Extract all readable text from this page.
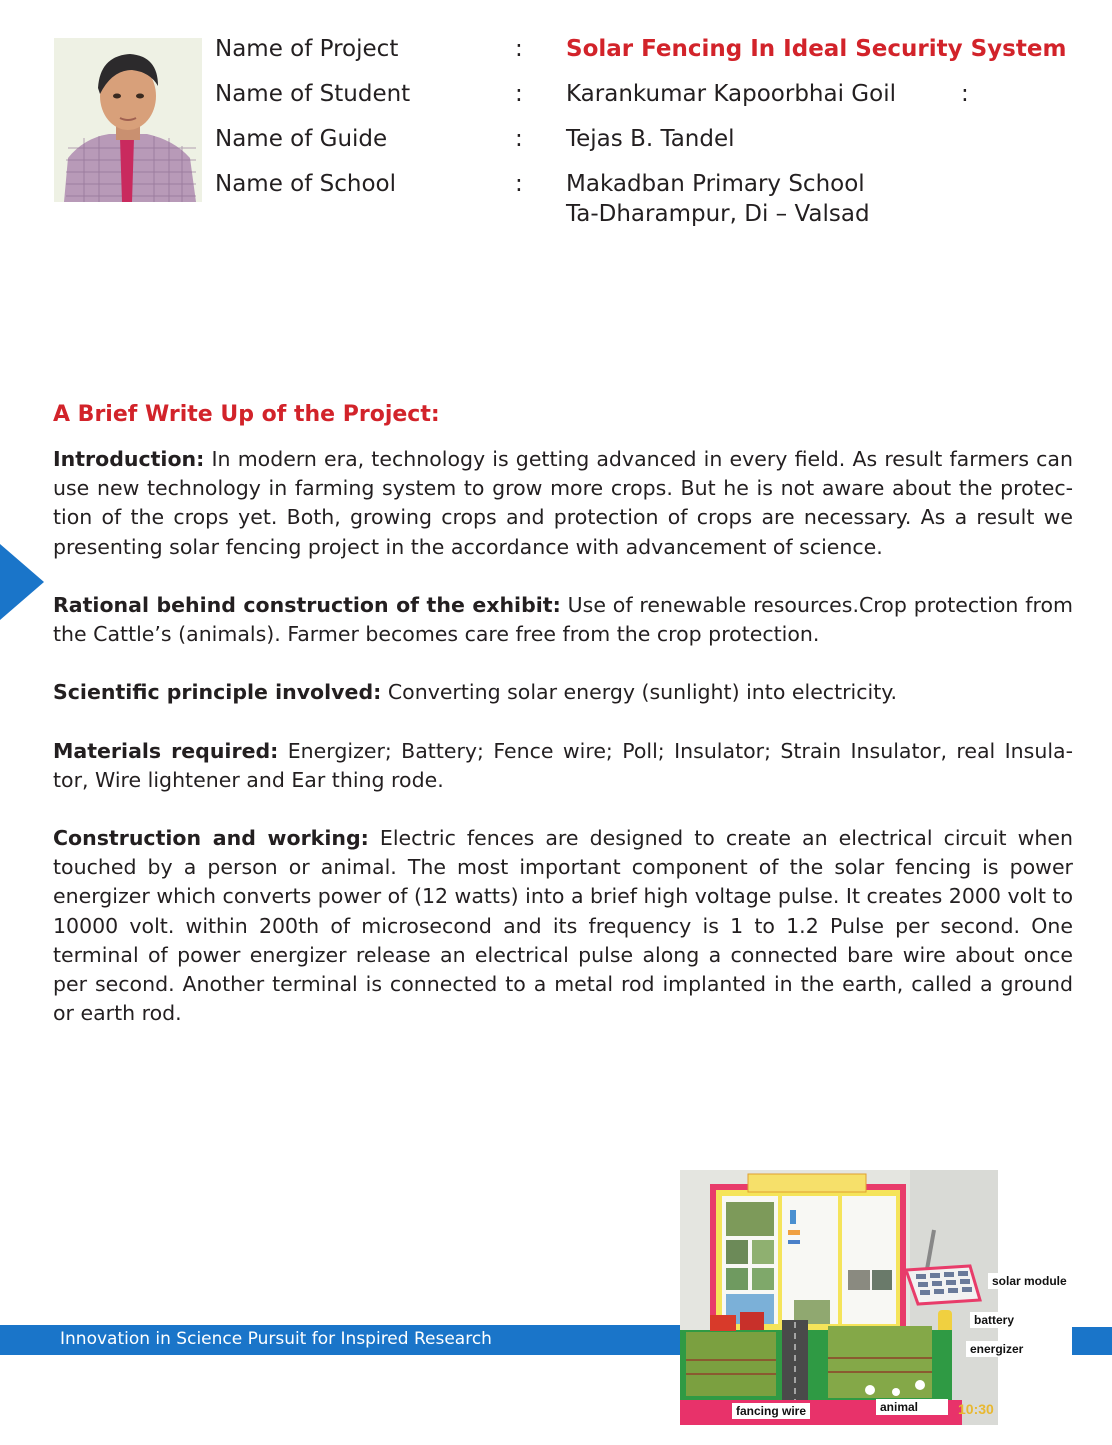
Name of Project	: Solar Fencing In Ideal Security System
Name of Student	: Karankumar Kapoorbhai Goil	:
Name of Guide	: Tejas B. Tandel
Name of School	: Makadban Primary School
Ta-Dharampur, Di – Valsad
A Brief Write Up of the Project:

Introduction: In modern era, technology is getting advanced in every field. As result farmers can use new technology in farming system to grow more crops. But he is not aware about the protec-tion of the crops yet. Both, growing crops and protection of crops are necessary. As a result we presenting solar fencing project in the accordance with advancement of science.

Rational behind construction of the exhibit: Use of renewable resources.Crop protection from the Cattle’s (animals). Farmer becomes care free from the crop protection.

Scientific principle involved: Converting solar energy (sunlight) into electricity.

Materials required: Energizer; Battery; Fence wire; Poll; Insulator; Strain Insulator, real Insula-tor, Wire lightener and Ear thing rode.

Construction and working: Electric fences are designed to create an electrical circuit when touched by a person or animal. The most important component of the solar fencing is power energizer which converts power of (12 watts) into a brief high voltage pulse. It creates 2000 volt to 10000 volt. within 200th of microsecond and its frequency is 1 to 1.2 Pulse per second. One terminal of power energizer release an electrical pulse along a connected bare wire about once per second. Another terminal is connected to a metal rod implanted in the earth, called a ground or earth rod.

Innovation in Science Pursuit for Inspired Research
solar module
battery
energizer
fancing wire	animal	10:30
